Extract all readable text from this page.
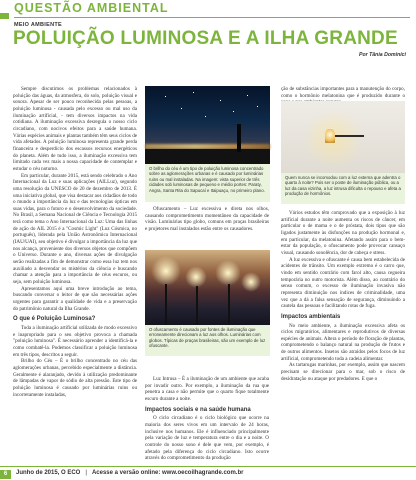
QUESTÃO AMBIENTAL
MEIO AMBIENTE
POLUIÇÃO LUMINOSA E A ILHA GRANDE
Por Tânia Dominici

Sempre discutimos os problemas relacionados à poluição das águas, da atmosfera, do solo, poluição visual e sonora. Apesar de ser pouco reconhecida pelas pessoas, a poluição luminosa - causada pelo excesso ou mal uso da iluminação artificial, - tem diversos impactos na vida cotidiana. A iluminação excessiva desregula o nosso ciclo circadiano, com nocivos efeitos para a saúde humana. Várias espécies animais e plantas também têm seus ciclos de vida afetados. A poluição luminosa representa grande perda financeira e desperdício dos escassos recursos energéticos do planeta. Além de tudo isso, a iluminação excessiva tem limitado cada vez mais a nossa capacidade de contemplar e estudar o céu noturno.

Em particular, durante 2015, está sendo celebrado o Ano Internacional da Luz e suas aplicações (AILLuz), segundo uma resolução da UNESCO de 20 de dezembro de 2013. É uma iniciativa global, que visa destacar aos cidadãos de todo o mundo a importância da luz e das tecnologias ópticas em suas vidas, para o futuro e o desenvolvimento da sociedade. No Brasil, a Semana Nacional de Ciência e Tecnologia 2015 terá como tema o Ano Internacional da Luz: Uma das linhas de ação do AIL 2015 é a "Cosmic Light" (Luz Cósmica, no português), liderada pela União Astronômica Internacional (IAU/UAI), seu objetivo é divulgar a importância da luz que nos alcança, proveniente dos diversos objetos que compõem o Universo. Durante o ano, diversas ações de divulgação serão realizadas a fim de demonstrar como essa luz tem nos auxiliado a desvendar os mistérios da ciência e buscando chamar a atenção para a importância de céus escuros, ou seja, sem poluição luminosa.

Apresentamos aqui uma breve introdução ao tema, buscando conversar o leitor de que são necessárias ações urgentes para garantir a qualidade de vida e a preservação do patrimônio natural da Ilha Grande.

O que é Poluição Luminosa?

Toda a iluminação artificial utilizada de modo excessivo e inapropriado para o seu objetivo provoca a chamada "poluição luminosa". É necessário aprender a identificá-la e como combatê-la. Podemos classificar a poluição luminosa em três tipos, descritos a seguir.

Brilho do Céu – É o brilho concentrado no céu das aglomerações urbanas, percebido especialmente a distância. Geralmente é alaranjado, devido à utilização predominante de lâmpadas de vapor de sódio de alta pressão. Este tipo de poluição luminosa é causado por luminárias ruins ou incorretamente instaladas,

O brilho do céu é um tipo de poluição luminosa concentrado sobre as aglomerações urbanas e é causado por luminárias ruins ou mal instaladas. Na imagem: vista superior de três cidades sob luminosas de pequeno e médio portes: Paraty, Angra, Santa Rita do Sapucaí e Itaipuaçu, no primeiro plano.

Ofuscamento – Luz excessiva e direta nos olhos, causando comprometimento momentâneo da capacidade de visão. Luminárias tipo globo, comuns em praças brasileiras e projetores mal instalados estão entre os causadores.

O ofuscamento é causado por fontes de iluminação que erroneamente direcionam a luz aos olhos. Luminárias com globos. Típicas de praças brasileiras, são um exemplo de luz ofuscante.

Luz Intrusa – É a iluminação de um ambiente que acaba por invadir outro. Por exemplo, a iluminação da rua que penetra a casa e não permite que o quarto fique totalmente escuro durante a noite.

Impactos sociais e na saúde humana

O ciclo circadiano é o ciclo biológico que ocorre na maioria dos seres vivos em um intervalo de 24 horas, inclusive nos humanos. Ele é influenciado principalmente pela variação de luz e temperatura entre o dia e a noite. O controle do nosso sono é dele que vem, por exemplo, é afetado pela diferença do ciclo circadiano. Isto ocorre através do comprometimento da produção

ção de substâncias importantes para a manutenção do corpo, como o hormônio melatonina que é produzido durante o

Quem nunca se incomodou com a luz externa que adentra o quarto à noite? Pois ser o poste de iluminação pública, ou a luz da casa vizinha, a luz intrusa dificulta o repouso e afeta a produção de hormônios.

Vários estudos têm comprovado que a exposição à luz artificial durante a noite aumenta os riscos de câncer, em particular o de mama e o de próstata, dois tipos que são ligados justamente às disfunções na produção hormonal e, em particular, da melatonina. Afetando assim para o bem-estar da população, o ofuscamento pode provocar cansaço visual, causando sonolência, dor de cabeça e stress.

A luz excessiva e ofuscante é causa bem estabelecida de acidentes de trânsito. Um exemplo extremo é o carro que, vindo em sentido contrário com farol alto, causa cegueira temporária no outro motorista. Além disso, ao contrário do senso comum, o excesso de iluminação invasiva não representa diminuição nos índices de criminalidade, uma vez que a dá a falsa sensação de segurança, diminuindo a cautela das pessoas e facilitando rotas de fuga.

Impactos ambientais

No meio ambiente, a iluminação excessiva afeta os ciclos migratórios, alimentares e reprodutivos de diversas espécies de animais. Altera o período de floração de plantas, comprometendo o balanço natural na produção de frutos e de outros alimentos. Insetos são atraídos pelos focos de luz artificial, comprometendo toda a cadeia alimentar.

As tartarugas marinhas, por exemplo, assim que nascem precisam se direcionar para o mar, sob o risco de desidratação ou ataque por predadores. E que o

6	Junho de 2015, O ECO | Acesse a versão online: www.oecoilhagrande.com.br
